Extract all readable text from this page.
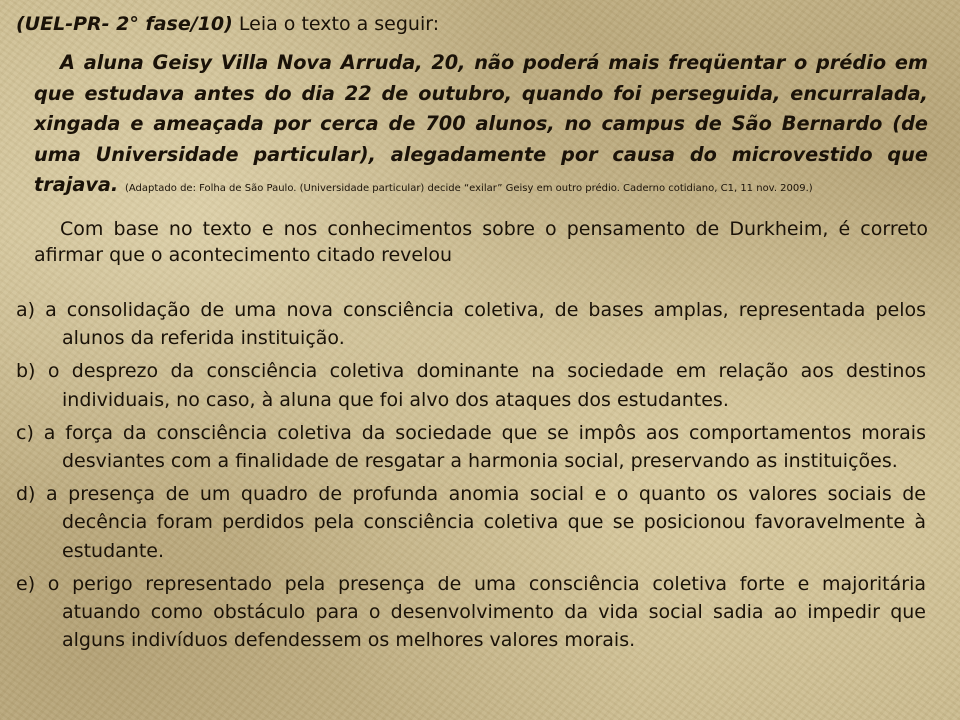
(UEL-PR- 2° fase/10) Leia o texto a seguir:
A aluna Geisy Villa Nova Arruda, 20, não poderá mais freqüentar o prédio em que estudava antes do dia 22 de outubro, quando foi perseguida, encurralada, xingada e ameaçada por cerca de 700 alunos, no campus de São Bernardo (de uma Universidade particular), alegadamente por causa do microvestido que trajava. (Adaptado de: Folha de São Paulo. (Universidade particular) decide “exilar” Geisy em outro prédio. Caderno cotidiano, C1, 11 nov. 2009.)
Com base no texto e nos conhecimentos sobre o pensamento de Durkheim, é correto afirmar que o acontecimento citado revelou
a) a consolidação de uma nova consciência coletiva, de bases amplas, representada pelos alunos da referida instituição.
b) o desprezo da consciência coletiva dominante na sociedade em relação aos destinos individuais, no caso, à aluna que foi alvo dos ataques dos estudantes.
c) a força da consciência coletiva da sociedade que se impôs aos comportamentos morais desviantes com a finalidade de resgatar a harmonia social, preservando as instituições.
d) a presença de um quadro de profunda anomia social e o quanto os valores sociais de decência foram perdidos pela consciência coletiva que se posicionou favoravelmente à estudante.
e) o perigo representado pela presença de uma consciência coletiva forte e majoritária atuando como obstáculo para o desenvolvimento da vida social sadia ao impedir que alguns indivíduos defendessem os melhores valores morais.
